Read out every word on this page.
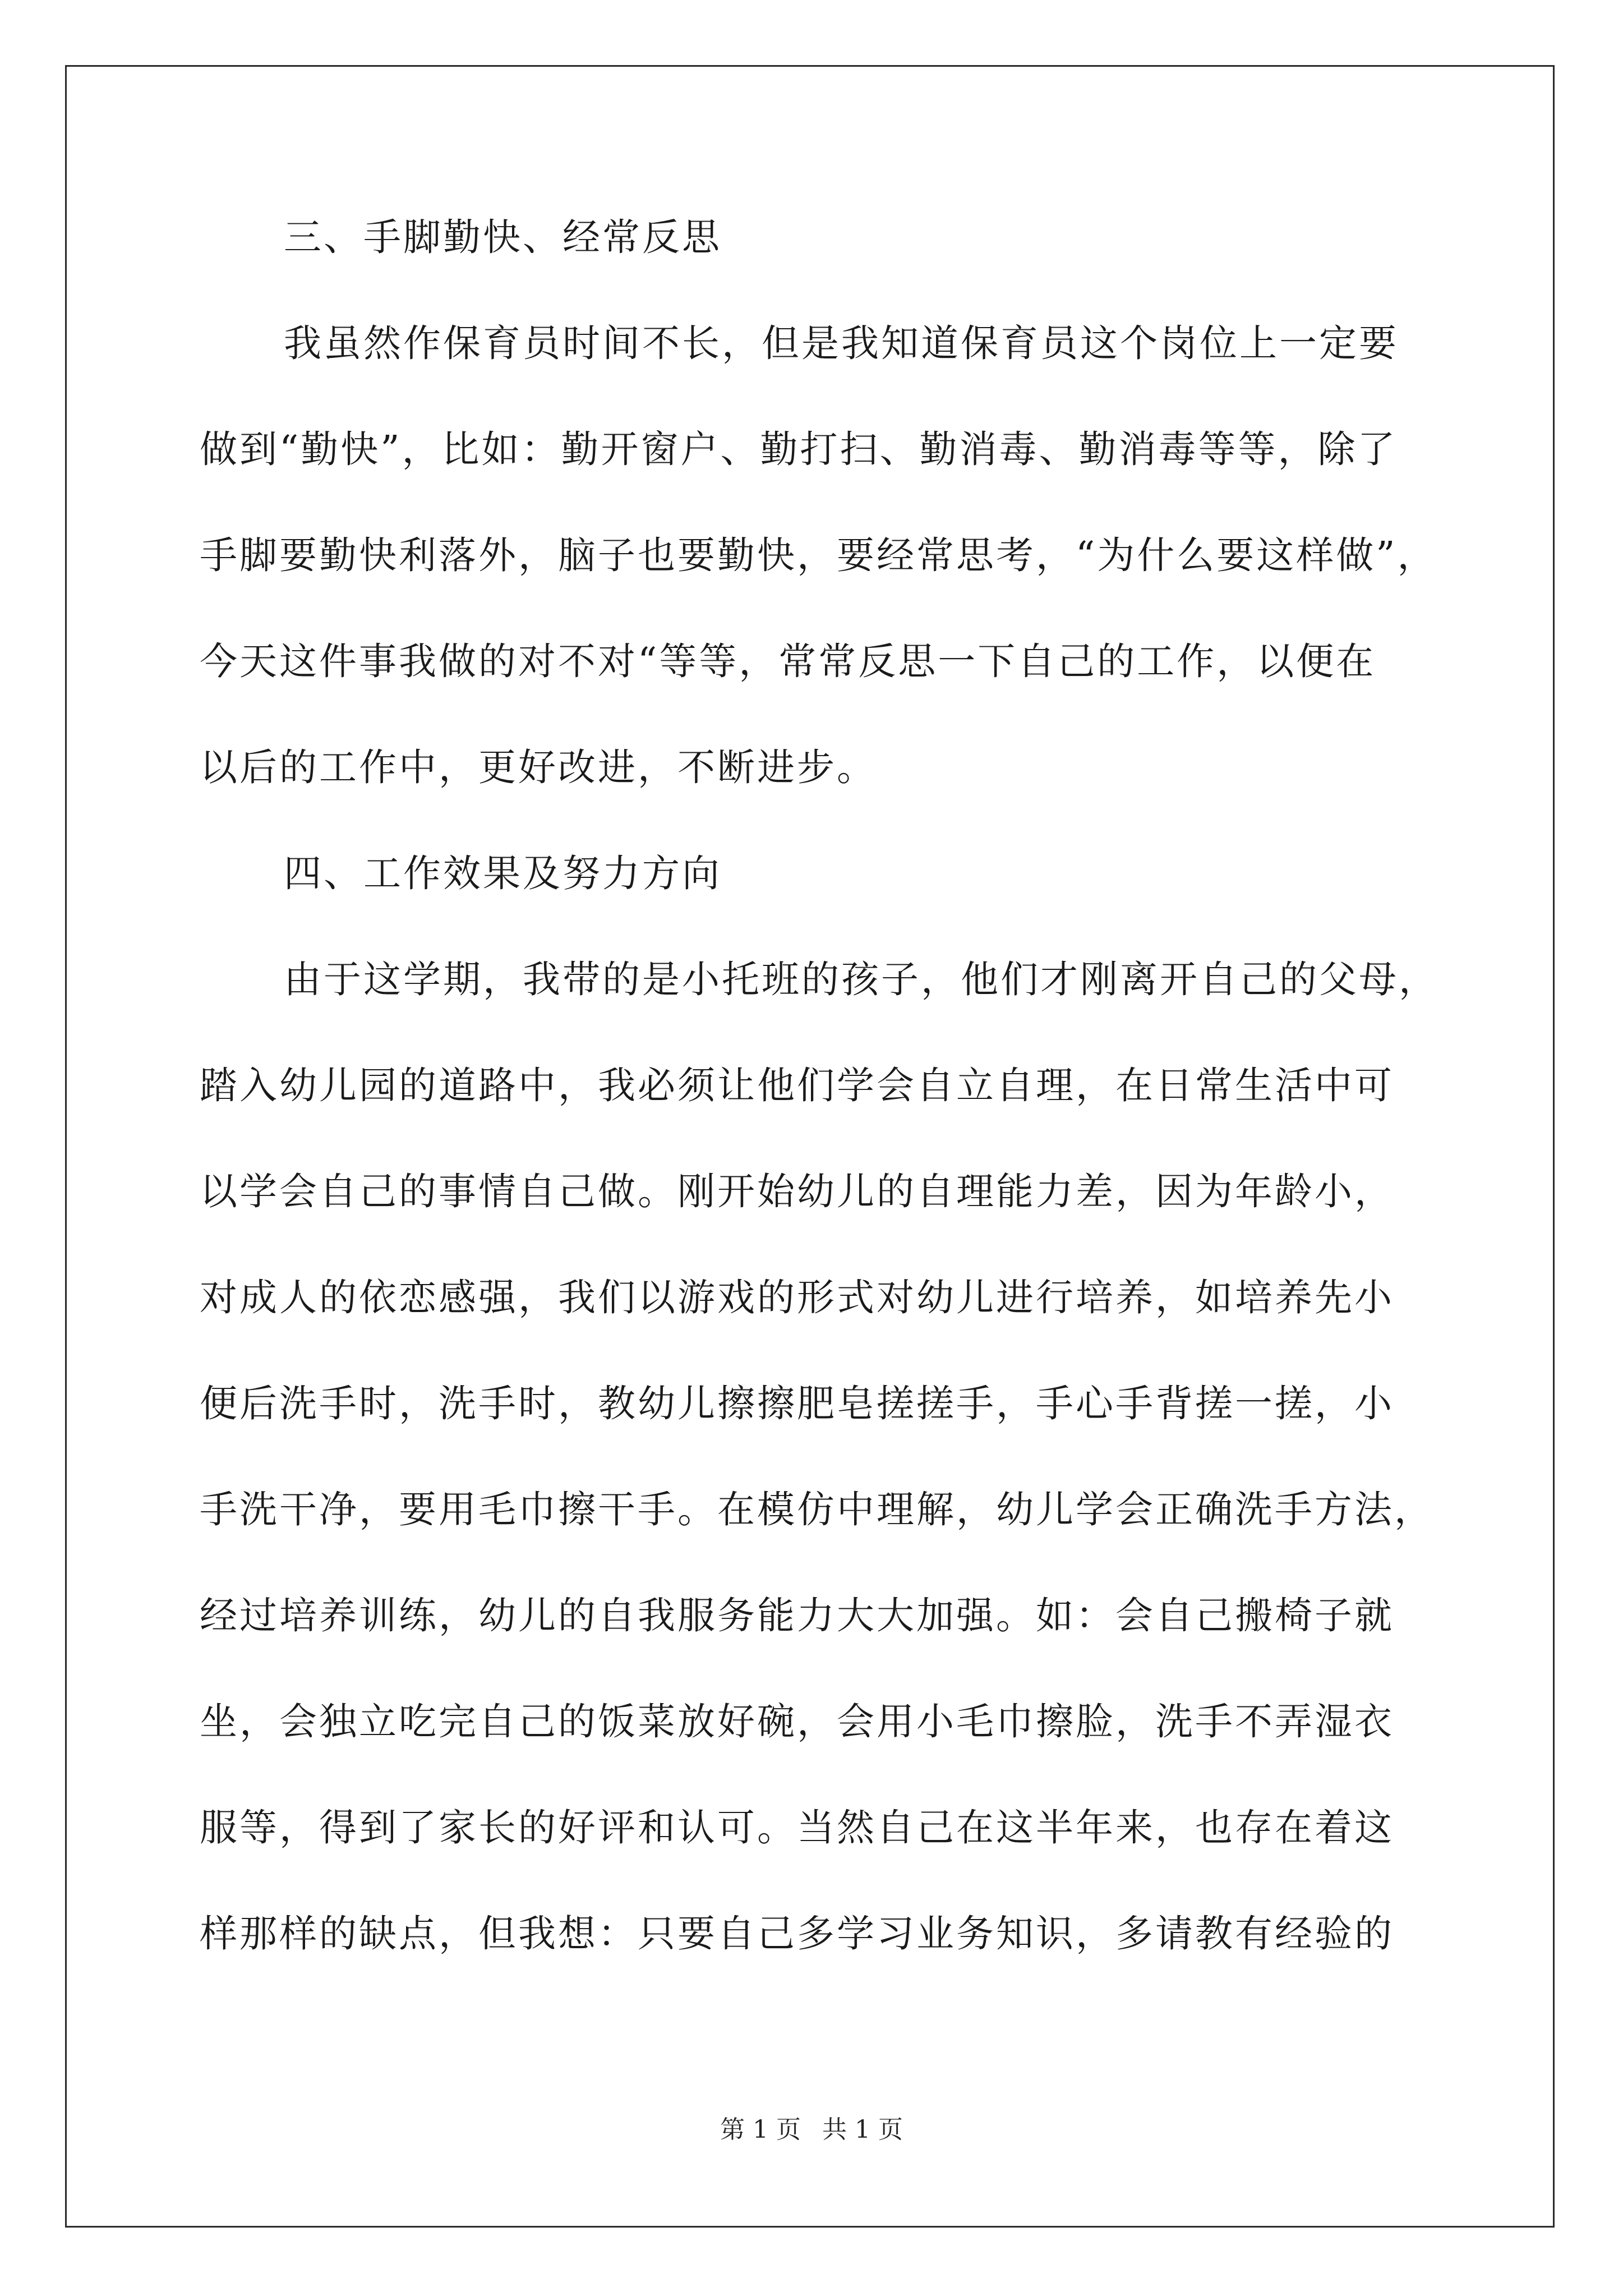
三、手脚勤快、经常反思
我虽然作保育员时间不长，但是我知道保育员这个岗位上一定要
做到“勤快”，比如：勤开窗户、勤打扫、勤消毒、勤消毒等等，除了
手脚要勤快利落外，脑子也要勤快，要经常思考，“为什么要这样做”，
今天这件事我做的对不对“等等，常常反思一下自己的工作，以便在
以后的工作中，更好改进，不断进步。
四、工作效果及努力方向
由于这学期，我带的是小托班的孩子，他们才刚离开自己的父母，
踏入幼儿园的道路中，我必须让他们学会自立自理，在日常生活中可
以学会自己的事情自己做。刚开始幼儿的自理能力差，因为年龄小，
对成人的依恋感强，我们以游戏的形式对幼儿进行培养，如培养先小
便后洗手时，洗手时，教幼儿擦擦肥皂搓搓手，手心手背搓一搓，小
手洗干净，要用毛巾擦干手。在模仿中理解，幼儿学会正确洗手方法，
经过培养训练，幼儿的自我服务能力大大加强。如：会自己搬椅子就
坐，会独立吃完自己的饭菜放好碗，会用小毛巾擦脸，洗手不弄湿衣
服等，得到了家长的好评和认可。当然自己在这半年来，也存在着这
样那样的缺点，但我想：只要自己多学习业务知识，多请教有经验的
第 1 页 共 1 页
